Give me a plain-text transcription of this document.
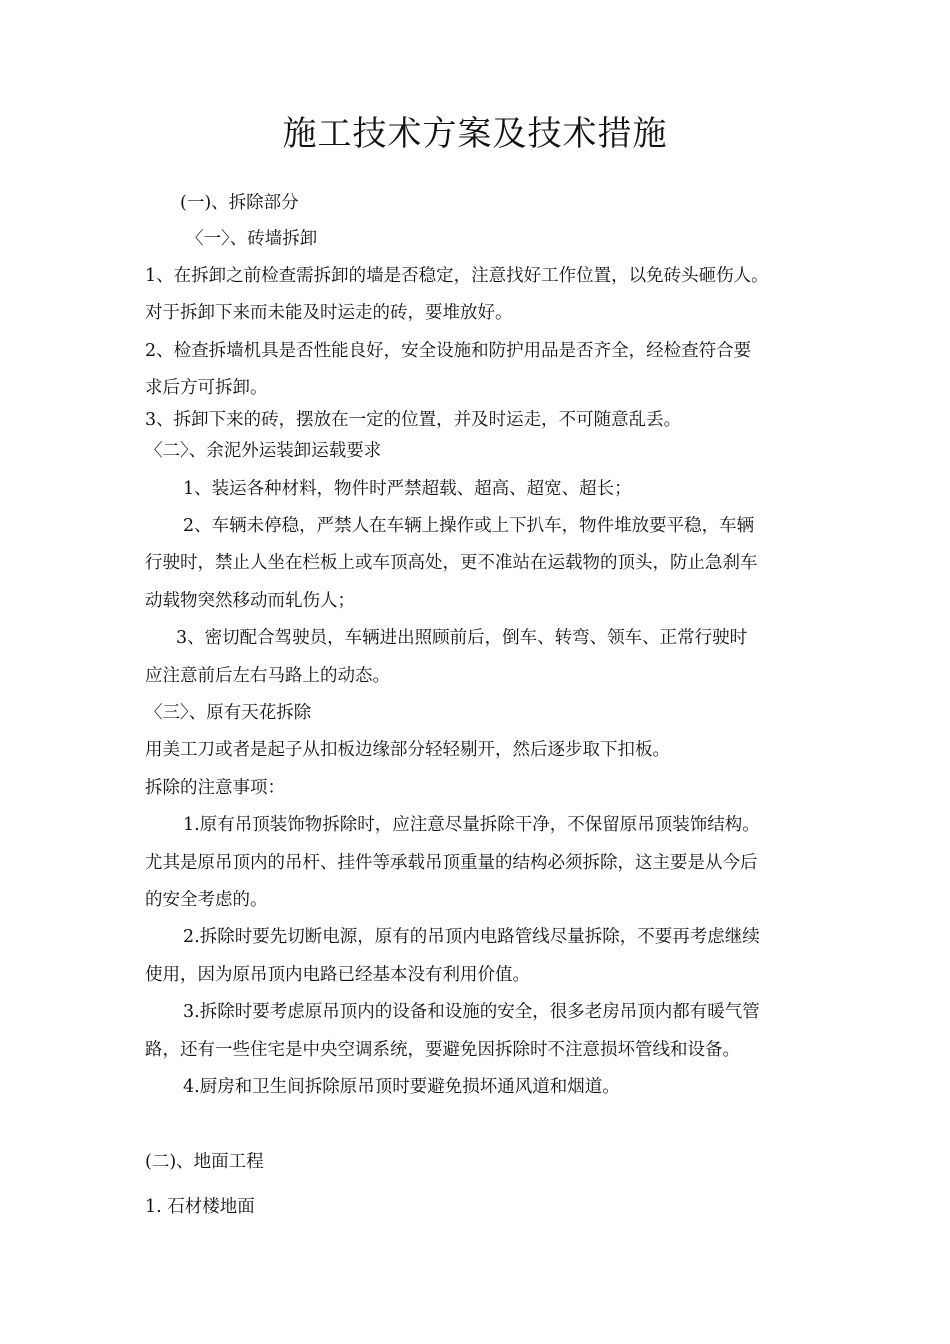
施工技术方案及技术措施
(一)、拆除部分
〈一〉、砖墙拆卸
1、在拆卸之前检查需拆卸的墙是否稳定，注意找好工作位置，以免砖头砸伤人。
对于拆卸下来而未能及时运走的砖，要堆放好。
2、检查拆墙机具是否性能良好，安全设施和防护用品是否齐全，经检查符合要
求后方可拆卸。
3、拆卸下来的砖，摆放在一定的位置，并及时运走，不可随意乱丢。
〈二〉、余泥外运装卸运载要求
1、装运各种材料，物件时严禁超载、超高、超宽、超长；
2、车辆未停稳，严禁人在车辆上操作或上下扒车，物件堆放要平稳，车辆
行驶时，禁止人坐在栏板上或车顶高处，更不准站在运载物的顶头，防止急刹车
动载物突然移动而轧伤人；
3、密切配合驾驶员，车辆进出照顾前后，倒车、转弯、领车、正常行驶时
应注意前后左右马路上的动态。
〈三〉、原有天花拆除
用美工刀或者是起子从扣板边缘部分轻轻剔开，然后逐步取下扣板。
拆除的注意事项：
1.原有吊顶装饰物拆除时，应注意尽量拆除干净，不保留原吊顶装饰结构。
尤其是原吊顶内的吊杆、挂件等承载吊顶重量的结构必须拆除，这主要是从今后
的安全考虑的。
2.拆除时要先切断电源，原有的吊顶内电路管线尽量拆除，不要再考虑继续
使用，因为原吊顶内电路已经基本没有利用价值。
3.拆除时要考虑原吊顶内的设备和设施的安全，很多老房吊顶内都有暖气管
路，还有一些住宅是中央空调系统，要避免因拆除时不注意损坏管线和设备。
4.厨房和卫生间拆除原吊顶时要避免损坏通风道和烟道。
(二)、地面工程
1. 石材楼地面
